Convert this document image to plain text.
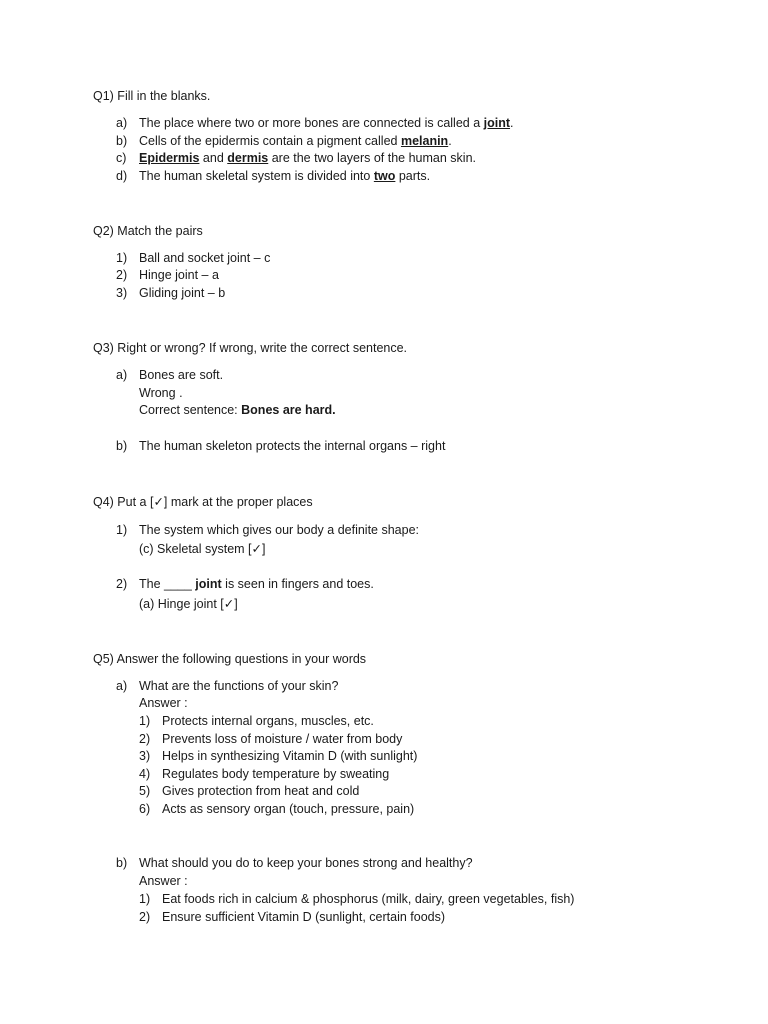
Q1) Fill in the blanks.
a) The place where two or more bones are connected is called a joint.
b) Cells of the epidermis contain a pigment called melanin.
c) Epidermis and dermis are the two layers of the human skin.
d) The human skeletal system is divided into two parts.
Q2) Match the pairs
1) Ball and socket joint – c
2) Hinge joint – a
3) Gliding joint – b
Q3) Right or wrong? If wrong, write the correct sentence.
a) Bones are soft.
Wrong .
Correct sentence: Bones are hard.
b) The human skeleton protects the internal organs – right
Q4) Put a [✓] mark at the proper places
1) The system which gives our body a definite shape:
(c) Skeletal system [✓]
2) The ____ joint is seen in fingers and toes.
(a) Hinge joint [✓]
Q5) Answer the following questions in your words
a) What are the functions of your skin?
Answer :
1) Protects internal organs, muscles, etc.
2) Prevents loss of moisture / water from body
3) Helps in synthesizing Vitamin D (with sunlight)
4) Regulates body temperature by sweating
5) Gives protection from heat and cold
6) Acts as sensory organ (touch, pressure, pain)
b) What should you do to keep your bones strong and healthy?
Answer :
1) Eat foods rich in calcium & phosphorus (milk, dairy, green vegetables, fish)
2) Ensure sufficient Vitamin D (sunlight, certain foods)
